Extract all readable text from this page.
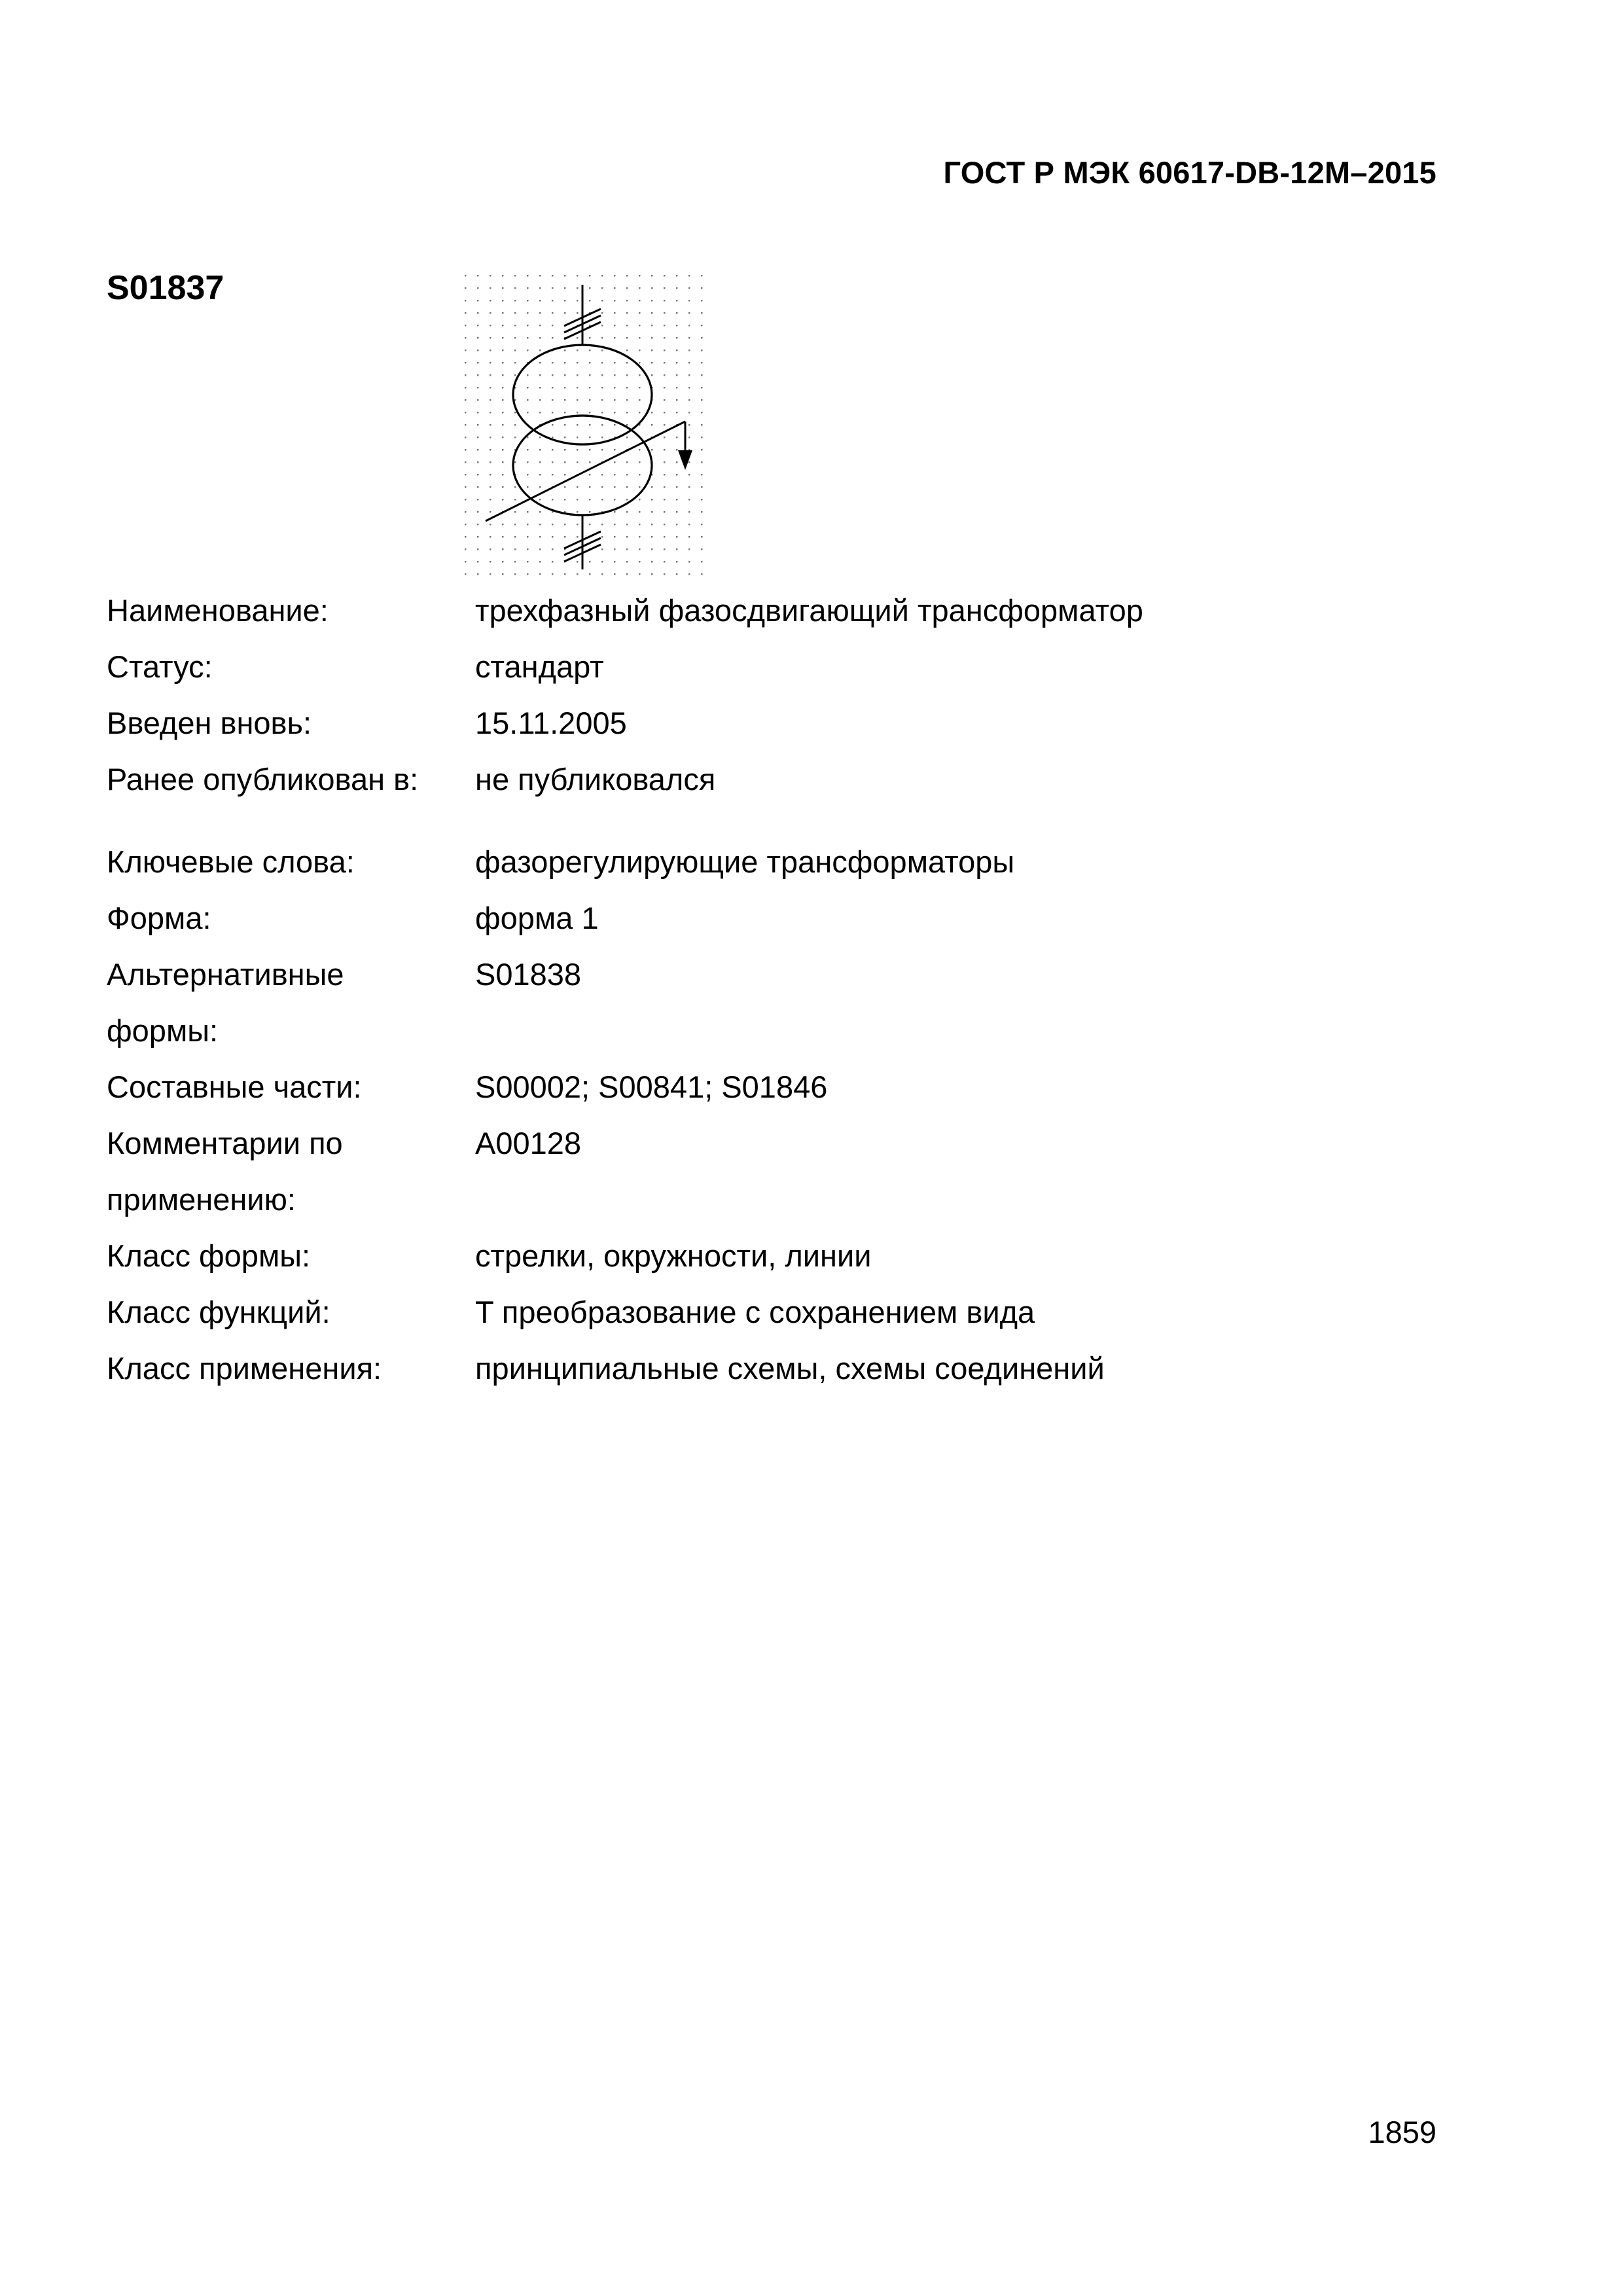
ГОСТ Р МЭК 60617-DB-12M–2015
S01837
Наименование:	трехфазный фазосдвигающий трансформатор
Статус:	стандарт
Введен вновь:	15.11.2005
Ранее опубликован в:	не публиковался
Ключевые слова:	фазорегулирующие трансформаторы
Форма:	форма 1
Альтернативные	S01838
формы:
Составные части:	S00002; S00841; S01846
Комментарии по	A00128
применению:
Класс формы:	стрелки, окружности, линии
Класс функций:	T преобразование с сохранением вида
Класс применения:	принципиальные схемы, схемы соединений
1859
